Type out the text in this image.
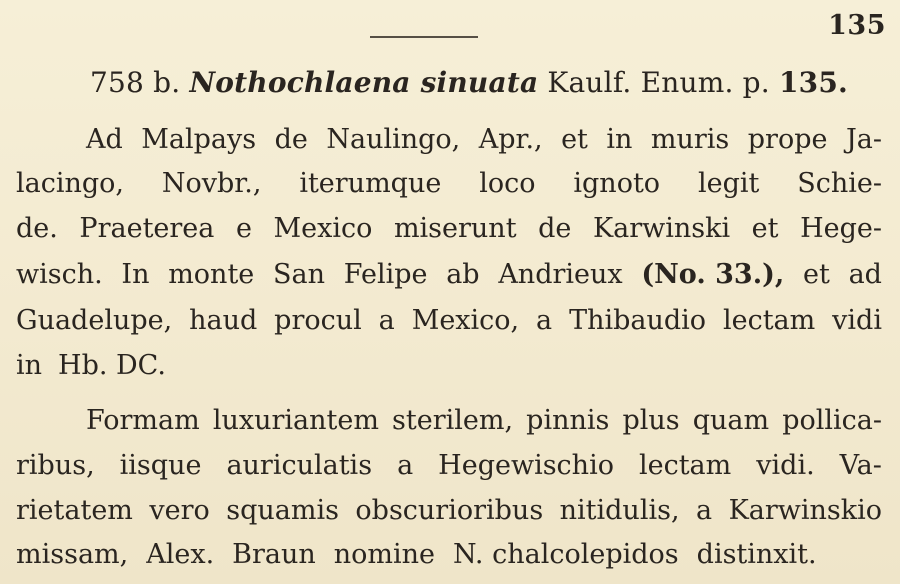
135
758 b. Nothochlaena sinuata Kaulf. Enum. p. 135.
Ad Malpays de Naulingo, Apr., et in muris prope Ja-
lacingo, Novbr., iterumque loco ignoto legit Schie-
de. Praeterea e Mexico miserunt de Karwinski et Hege-
wisch. In monte San Felipe ab Andrieux (No. 33.), et ad
Guadelupe, haud procul a Mexico, a Thibaudio lectam vidi
in Hb. DC.
Formam luxuriantem sterilem, pinnis plus quam pollica-
ribus, iisque auriculatis a Hegewischio lectam vidi. Va-
rietatem vero squamis obscurioribus nitidulis, a Karwinskio
missam, Alex. Braun nomine N. chalcolepidos distinxit.
